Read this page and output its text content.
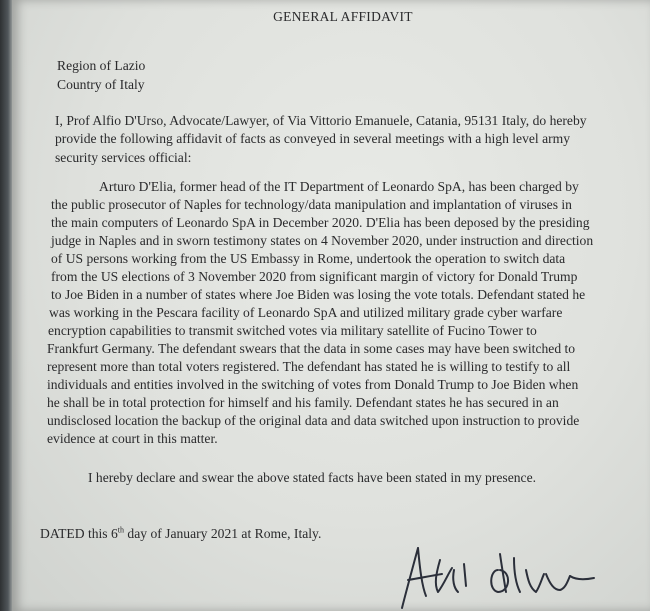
GENERAL AFFIDAVIT
Region of Lazio
Country of Italy
I, Prof Alfio D'Urso, Advocate/Lawyer, of Via Vittorio Emanuele, Catania, 95131 Italy, do hereby
provide the following affidavit of facts as conveyed in several meetings with a high level army
security services official:
Arturo D'Elia, former head of the IT Department of Leonardo SpA, has been charged by
the public prosecutor of Naples for technology/data manipulation and implantation of viruses in
the main computers of Leonardo SpA in December 2020. D'Elia has been deposed by the presiding
judge in Naples and in sworn testimony states on 4 November 2020, under instruction and direction
of US persons working from the US Embassy in Rome, undertook the operation to switch data
from the US elections of 3 November 2020 from significant margin of victory for Donald Trump
to Joe Biden in a number of states where Joe Biden was losing the vote totals. Defendant stated he
was working in the Pescara facility of Leonardo SpA and utilized military grade cyber warfare
encryption capabilities to transmit switched votes via military satellite of Fucino Tower to
Frankfurt Germany. The defendant swears that the data in some cases may have been switched to
represent more than total voters registered. The defendant has stated he is willing to testify to all
individuals and entities involved in the switching of votes from Donald Trump to Joe Biden when
he shall be in total protection for himself and his family. Defendant states he has secured in an
undisclosed location the backup of the original data and data switched upon instruction to provide
evidence at court in this matter.
I hereby declare and swear the above stated facts have been stated in my presence.
DATED this 6th day of January 2021 at Rome, Italy.
